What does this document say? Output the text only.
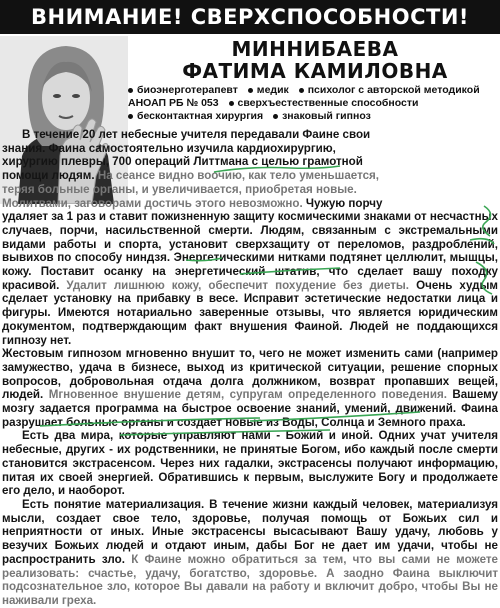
ВНИМАНИЕ! СВЕРХСПОСОБНОСТИ!
МИННИБАЕВА
ФАТИМА КАМИЛОВНА
биоэнерготерапевт медик психолог с авторской методикой
АНОАП РБ № 053 сверхъестественные способности
бесконтактная хирургия знаковый гипноз

В течение 20 лет небесные учителя передавали Фаине свои

знания. Фаина самостоятельно изучила кардиохирургию,

хирургию плевры, 700 операций Литтмана с целью грамотной

помощи людям. На сеансе видно воочию, как тело уменьшается,

теряя больные органы, и увеличивается, приобретая новые.

Молитвами, заговорами достичь этого невозможно. Чужую порчу

удаляет за 1 раз и ставит пожизненную защиту космическими знаками от несчастных случаев, порчи, насильственной смерти. Людям, связанным с экстремальными видами работы и спорта, установит сверхзащиту от переломов, раздроблений, вывихов по способу ниндзя. Энергетическими нитками подтянет целлюлит, мышцы, кожу. Поставит осанку на энергетический штатив, что сделает вашу походку красивой. Удалит лишнюю кожу, обеспечит похудение без диеты. Очень худым сделает установку на прибавку в весе. Исправит эстетические недостатки лица и фигуры. Имеются нотариально заверенные отзывы, что является юридическим документом, подтверждающим факт внушения Фаиной. Людей не поддающихся гипнозу нет.

Жестовым гипнозом мгновенно внушит то, чего не может изменить сами (например замужество, удача в бизнесе, выход из критической ситуации, решение спорных вопросов, добровольная отдача долга должником, возврат пропавших вещей, людей. Мгновенное внушение детям, супругам определенного поведения. Вашему мозгу задается программа на быстрое освоение знаний, умений, движений. Фаина разрушает больные органы и создает новые из Воды, Солнца и Земного праха.

Есть два мира, которые управляют нами - Божий и иной. Одних учат учителя небесные, других - их родственники, не принятые Богом, ибо каждый после смерти становится экстрасенсом. Через них гадалки, экстрасенсы получают информацию, питая их своей энергией. Обратившись к первым, выслужите Богу и продолжаете его дело, и наоборот.

Есть понятие материализация. В течение жизни каждый человек, материализуя мысли, создает свое тело, здоровье, получая помощь от Божьих сил и неприятности от иных. Иные экстрасенсы высасывают Вашу удачу, любовь у везучих Божьих людей и отдают иным, дабы Бог не дает им удачи, чтобы не распространить зло. К Фаине можно обратиться за тем, что вы сами не можете реализовать: счастье, удачу, богатство, здоровье. А заодно Фаина выключит подсознательное зло, которое Вы давали на работу и включит добро, чтобы Вы не наживали греха.
